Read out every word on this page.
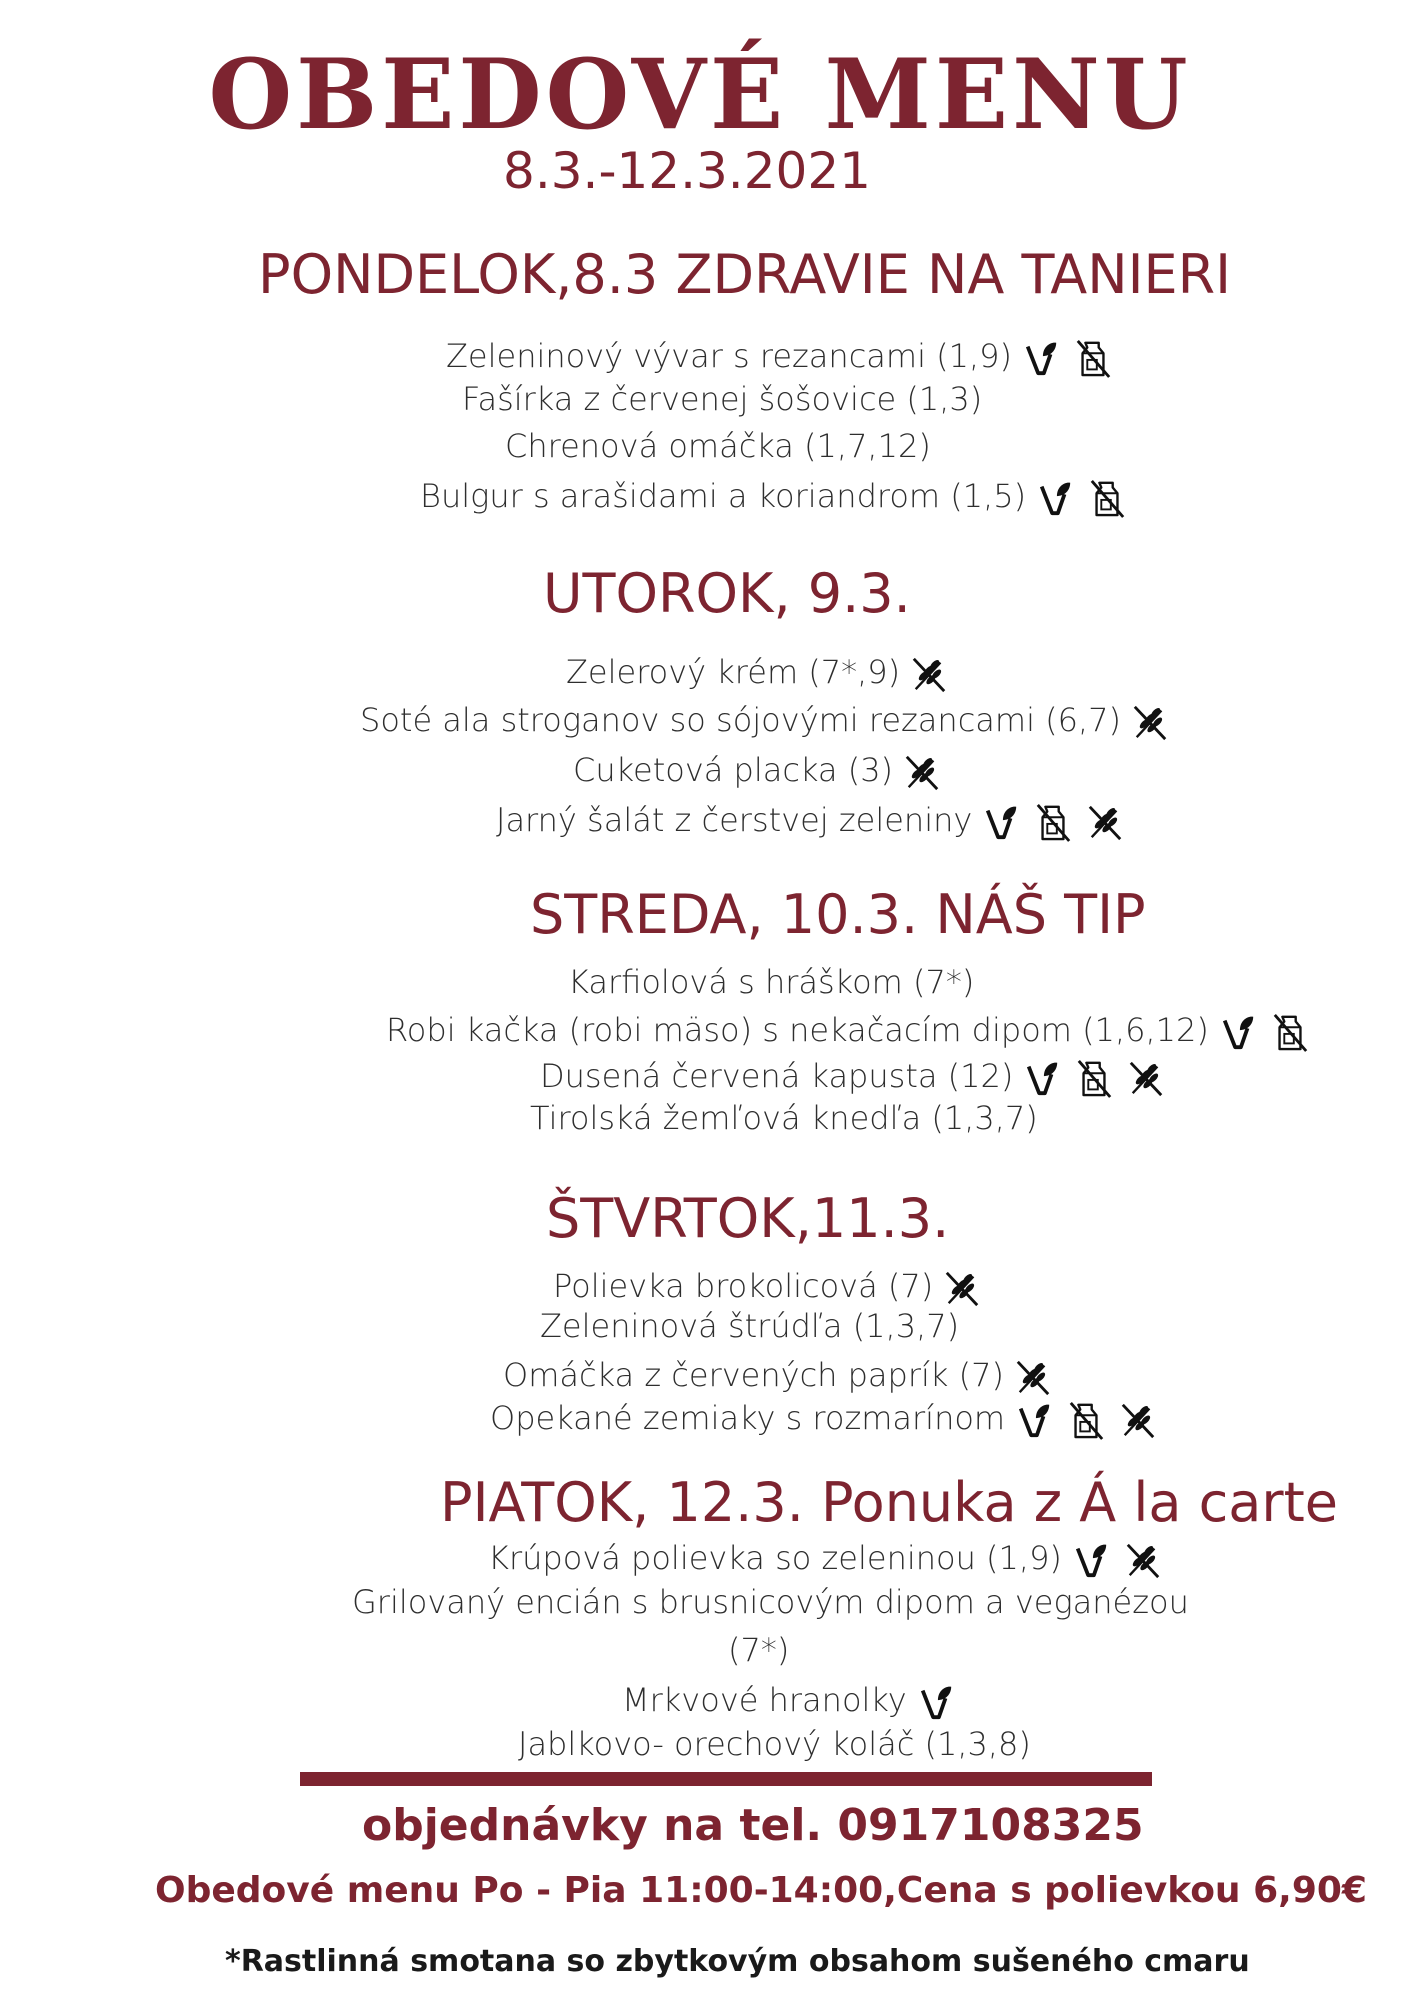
OBEDOVÉ MENU
8.3.-12.3.2021
PONDELOK,8.3 ZDRAVIE NA TANIERI
Zeleninový vývar s rezancami (1,9)
Fašírka z červenej šošovice (1,3)
Chrenová omáčka (1,7,12)
Bulgur s arašidami a koriandrom (1,5)
UTOROK, 9.3.
Zelerový krém (7*,9)
Soté ala stroganov so sójovými rezancami (6,7)
Cuketová placka (3)
Jarný šalát z čerstvej zeleniny
STREDA, 10.3. NÁŠ TIP
Karfiolová s hráškom (7*)
Robi kačka (robi mäso) s nekačacím dipom (1,6,12)
Dusená červená kapusta (12)
Tirolská žemľová knedľa (1,3,7)
ŠTVRTOK,11.3.
Polievka brokolicová (7)
Zeleninová štrúdľa (1,3,7)
Omáčka z červených paprík (7)
Opekané zemiaky s rozmarínom
PIATOK, 12.3. Ponuka z Á la carte
Krúpová polievka so zeleninou (1,9)
Grilovaný encián s brusnicovým dipom a veganézou
(7*)
Mrkvové hranolky
Jablkovo- orechový koláč (1,3,8)
objednávky na tel. 0917108325
Obedové menu Po - Pia 11:00-14:00,Cena s polievkou 6,90€
*Rastlinná smotana so zbytkovým obsahom sušeného cmaru
